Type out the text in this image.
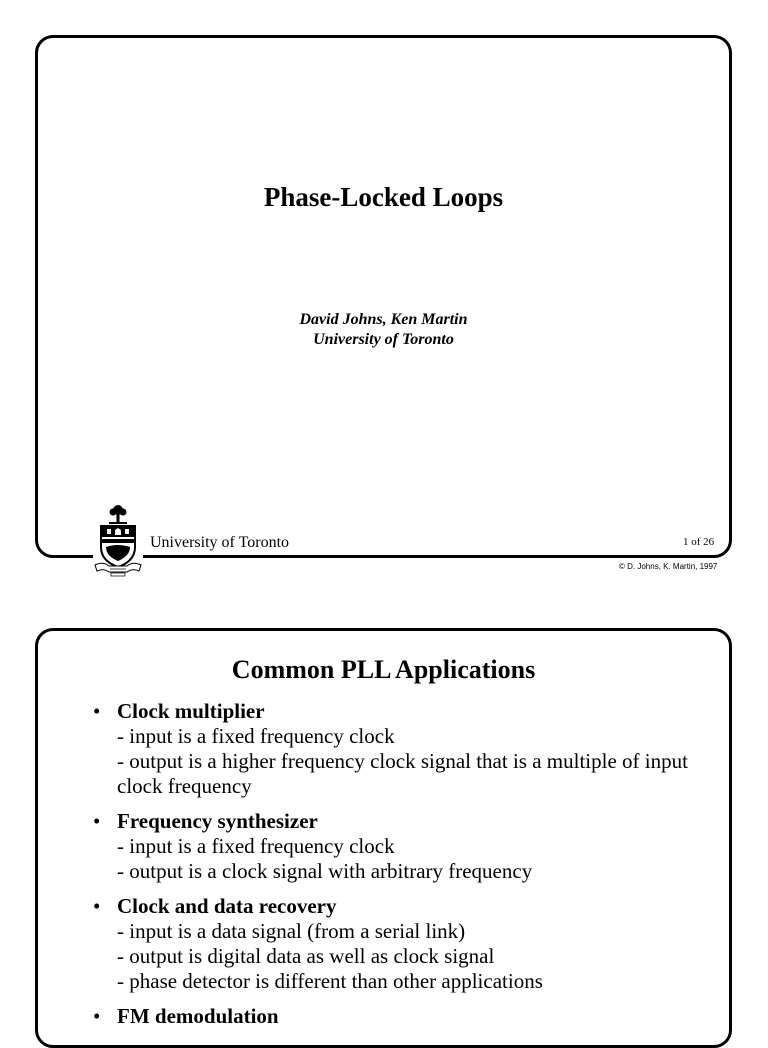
Phase-Locked Loops
David Johns, Ken Martin
University of Toronto
University of Toronto	1 of 26
© D. Johns, K. Martin, 1997
Common PLL Applications
• Clock multiplier
- input is a fixed frequency clock
- output is a higher frequency clock signal that is a multiple of input clock frequency
• Frequency synthesizer
- input is a fixed frequency clock
- output is a clock signal with arbitrary frequency
• Clock and data recovery
- input is a data signal (from a serial link)
- output is digital data as well as clock signal
- phase detector is different than other applications
• FM demodulation
